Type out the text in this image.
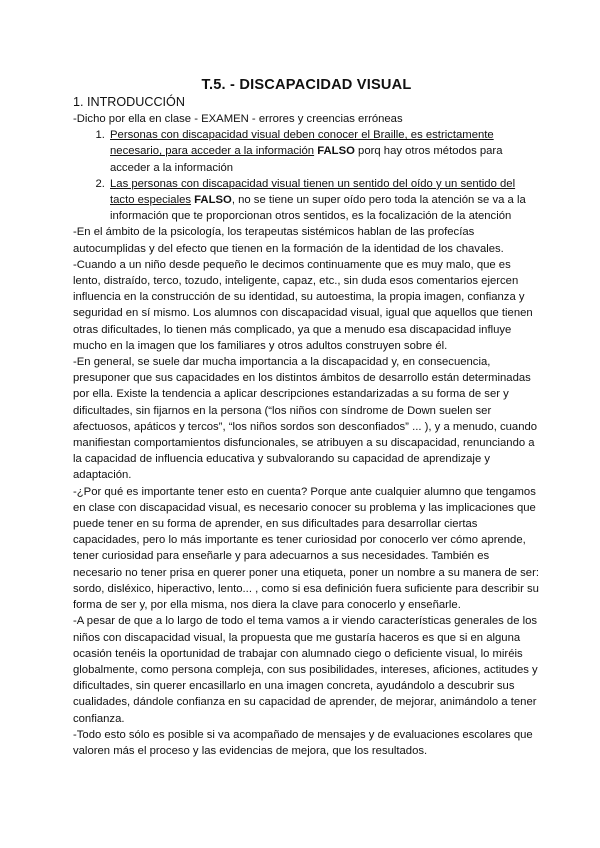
T.5. - DISCAPACIDAD VISUAL
1. INTRODUCCIÓN

-Dicho por ella en clase - EXAMEN - errores y creencias erróneas

1. Personas con discapacidad visual deben conocer el Braille, es estrictamente necesario, para acceder a la información FALSO porq hay otros métodos para acceder a la información
2. Las personas con discapacidad visual tienen un sentido del oído y un sentido del tacto especiales FALSO, no se tiene un super oído pero toda la atención se va a la información que te proporcionan otros sentidos, es la focalización de la atención

-En el ámbito de la psicología, los terapeutas sistémicos hablan de las profecías autocumplidas y del efecto que tienen en la formación de la identidad de los chavales.

-Cuando a un niño desde pequeño le decimos continuamente que es muy malo, que es lento, distraído, terco, tozudo, inteligente, capaz, etc., sin duda esos comentarios ejercen influencia en la construcción de su identidad, su autoestima, la propia imagen, confianza y seguridad en sí mismo. Los alumnos con discapacidad visual, igual que aquellos que tienen otras dificultades, lo tienen más complicado, ya que a menudo esa discapacidad influye mucho en la imagen que los familiares y otros adultos construyen sobre él.

-En general, se suele dar mucha importancia a la discapacidad y, en consecuencia, presuponer que sus capacidades en los distintos ámbitos de desarrollo están determinadas por ella. Existe la tendencia a aplicar descripciones estandarizadas a su forma de ser y dificultades, sin fijarnos en la persona (“los niños con síndrome de Down suelen ser afectuosos, apáticos y tercos”, “los niños sordos son desconfiados” ... ), y a menudo, cuando manifiestan comportamientos disfuncionales, se atribuyen a su discapacidad, renunciando a la capacidad de influencia educativa y subvalorando su capacidad de aprendizaje y adaptación.

-¿Por qué es importante tener esto en cuenta? Porque ante cualquier alumno que tengamos en clase con discapacidad visual, es necesario conocer su problema y las implicaciones que puede tener en su forma de aprender, en sus dificultades para desarrollar ciertas capacidades, pero lo más importante es tener curiosidad por conocerlo ver cómo aprende, tener curiosidad para enseñarle y para adecuarnos a sus necesidades. También es necesario no tener prisa en querer poner una etiqueta, poner un nombre a su manera de ser: sordo, disléxico, hiperactivo, lento... , como si esa definición fuera suficiente para describir su forma de ser y, por ella misma, nos diera la clave para conocerlo y enseñarle.

-A pesar de que a lo largo de todo el tema vamos a ir viendo características generales de los niños con discapacidad visual, la propuesta que me gustaría haceros es que si en alguna ocasión tenéis la oportunidad de trabajar con alumnado ciego o deficiente visual, lo miréis globalmente, como persona compleja, con sus posibilidades, intereses, aficiones, actitudes y dificultades, sin querer encasillarlo en una imagen concreta, ayudándolo a descubrir sus cualidades, dándole confianza en su capacidad de aprender, de mejorar, animándolo a tener confianza.

-Todo esto sólo es posible si va acompañado de mensajes y de evaluaciones escolares que valoren más el proceso y las evidencias de mejora, que los resultados.
